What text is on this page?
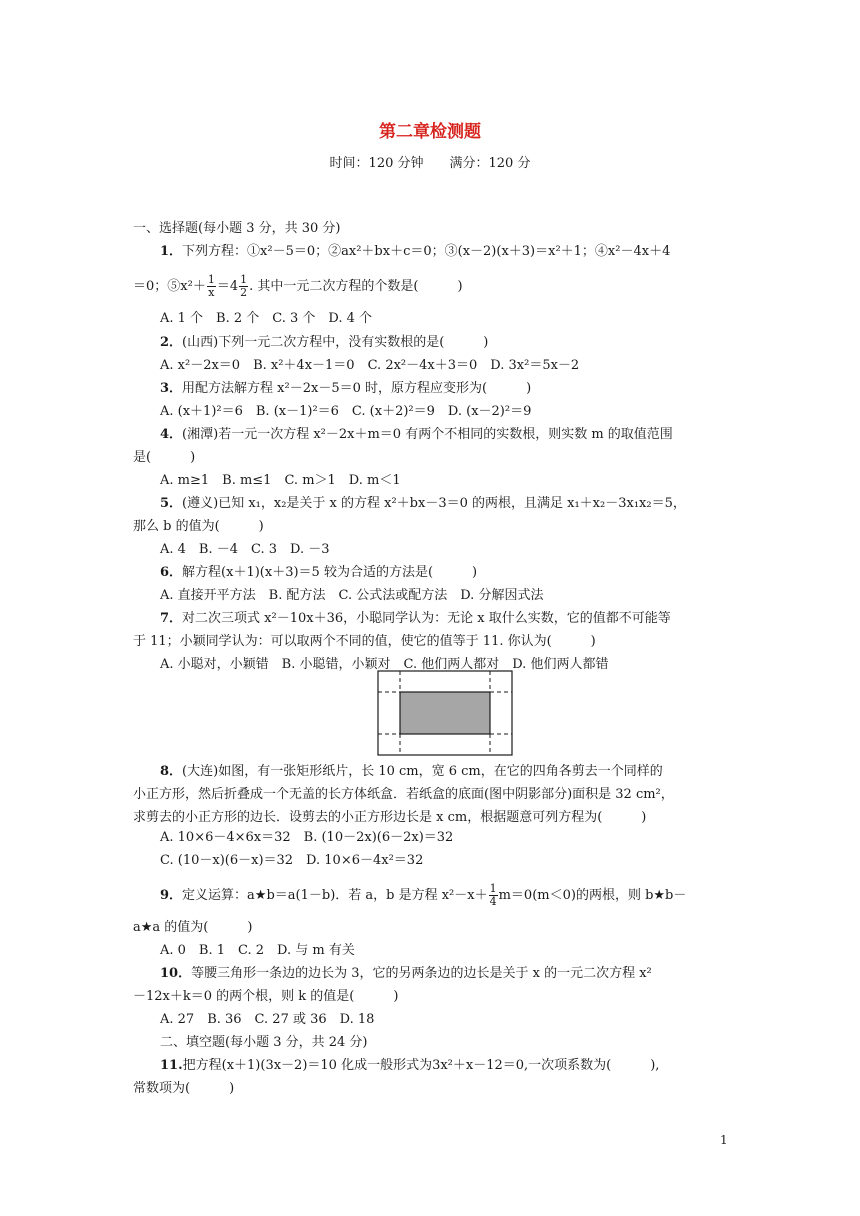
第二章检测题
时间：120 分钟　　满分：120 分
一、选择题(每小题 3 分，共 30 分)
1．下列方程：①x²－5＝0；②ax²＋bx＋c＝0；③(x－2)(x＋3)＝x²＋1；④x²－4x＋4
＝0；⑤x²＋ $\frac{1}{x} =4 \frac{1}{2}$ . 其中一元二次方程的个数是(　　　)
A. 1 个　B. 2 个　C. 3 个　D. 4 个
2．(山西)下列一元二次方程中，没有实数根的是(　　　)
A. x²－2x＝0　B. x²＋4x－1＝0　C. 2x²－4x＋3＝0　D. 3x²＝5x－2
3．用配方法解方程 x²－2x－5＝0 时，原方程应变形为(　　　)
A. (x＋1)²＝6　B. (x－1)²＝6　C. (x＋2)²＝9　D. (x－2)²＝9
4．(湘潭)若一元一次方程 x²－2x＋m＝0 有两个不相同的实数根，则实数 m 的取值范围
是(　　　)
A. m≥1　B. m≤1　C. m＞1　D. m＜1
5．(遵义)已知 x₁，x₂是关于 x 的方程 x²＋bx－3＝0 的两根，且满足 x₁＋x₂－3x₁x₂＝5，
那么 b 的值为(　　　)
A. 4　B. －4　C. 3　D. －3
6．解方程(x＋1)(x＋3)＝5 较为合适的方法是(　　　)
A. 直接开平方法　B. 配方法　C. 公式法或配方法　D. 分解因式法
7．对二次三项式 x²－10x＋36，小聪同学认为：无论 x 取什么实数，它的值都不可能等
于 11；小颖同学认为：可以取两个不同的值，使它的值等于 11. 你认为(　　　)
A. 小聪对，小颖错　B. 小聪错，小颖对　C. 他们两人都对　D. 他们两人都错
8．(大连)如图，有一张矩形纸片，长 10 cm，宽 6 cm，在它的四角各剪去一个同样的
小正方形，然后折叠成一个无盖的长方体纸盒．若纸盒的底面(图中阴影部分)面积是 32 cm²，
求剪去的小正方形的边长．设剪去的小正方形边长是 x cm，根据题意可列方程为(　　　)
A. 10×6－4×6x＝32　B. (10－2x)(6－2x)＝32
C. (10－x)(6－x)＝32　D. 10×6－4x²＝32
9．定义运算：a★b＝a(1－b)．若 a，b 是方程 $x^2-x+ \frac{1}{4} m=0(m<0)$的两根，则 b★b－
a★a 的值为(　　　)
A. 0　B. 1　C. 2　D. 与 m 有关
10．等腰三角形一条边的边长为 3，它的另两条边的边长是关于 x 的一元二次方程 x²
－12x＋k＝0 的两个根，则 k 的值是(　　　)
A. 27　B. 36　C. 27 或 36　D. 18
二、填空题(每小题 3 分，共 24 分)
11.把方程(x＋1)(3x－2)＝10 化成一般形式为3x²＋x－12＝0,一次项系数为(　　　),
常数项为(　　　)
1
